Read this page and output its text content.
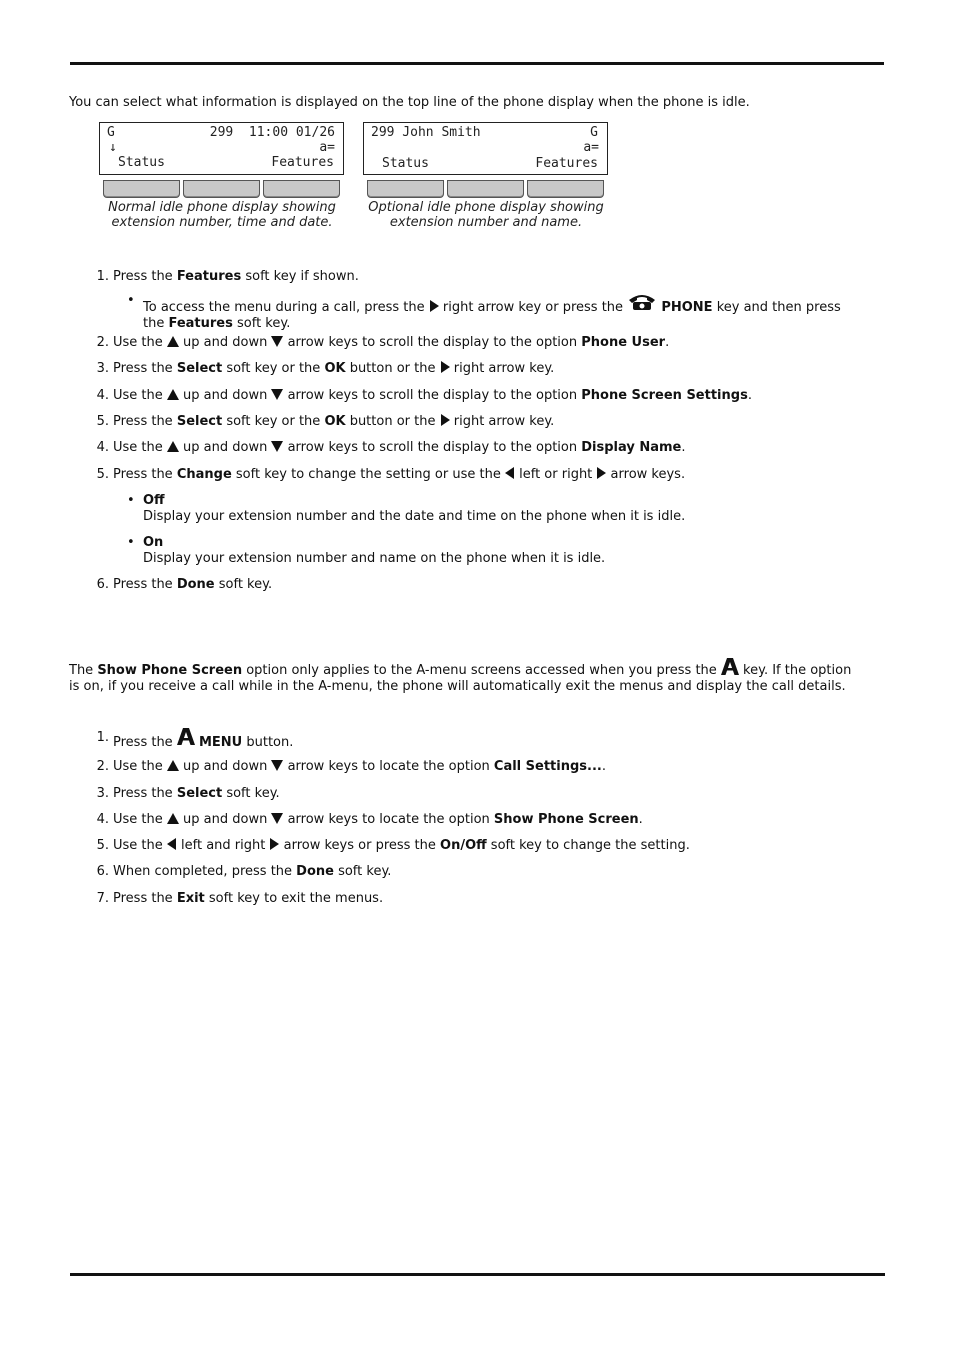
You can select what information is displayed on the top line of the phone display when the phone is idle.

G	299  11:00 01/26
↓	a=
Status	Features
Normal idle phone display showing
extension number, time and date.
299 John Smith	G
a=
Status	Features
Optional idle phone display showing
extension number and name.
1. Press the Features soft key if shown.
• To access the menu during a call, press the  right arrow key or press the	PHONE key and then press
the Features soft key.
2. Use the  up and down  arrow keys to scroll the display to the option Phone User.
3. Press the Select soft key or the OK button or the  right arrow key.
4. Use the  up and down  arrow keys to scroll the display to the option Phone Screen Settings.
5. Press the Select soft key or the OK button or the  right arrow key.
4. Use the  up and down  arrow keys to scroll the display to the option Display Name.
5. Press the Change soft key to change the setting or use the  left or right  arrow keys.
• Off
Display your extension number and the date and time on the phone when it is idle.
• On
Display your extension number and name on the phone when it is idle.
6. Press the Done soft key.
The Show Phone Screen option only applies to the A-menu screens accessed when you press the  key. If the option
is on, if you receive a call while in the A-menu, the phone will automatically exit the menus and display the call details.
1. Press the  MENU button.
2. Use the  up and down  arrow keys to locate the option Call Settings....
3. Press the Select soft key.
4. Use the  up and down  arrow keys to locate the option Show Phone Screen.
5. Use the  left and right  arrow keys or press the On/Off soft key to change the setting.
6. When completed, press the Done soft key.
7. Press the Exit soft key to exit the menus.
